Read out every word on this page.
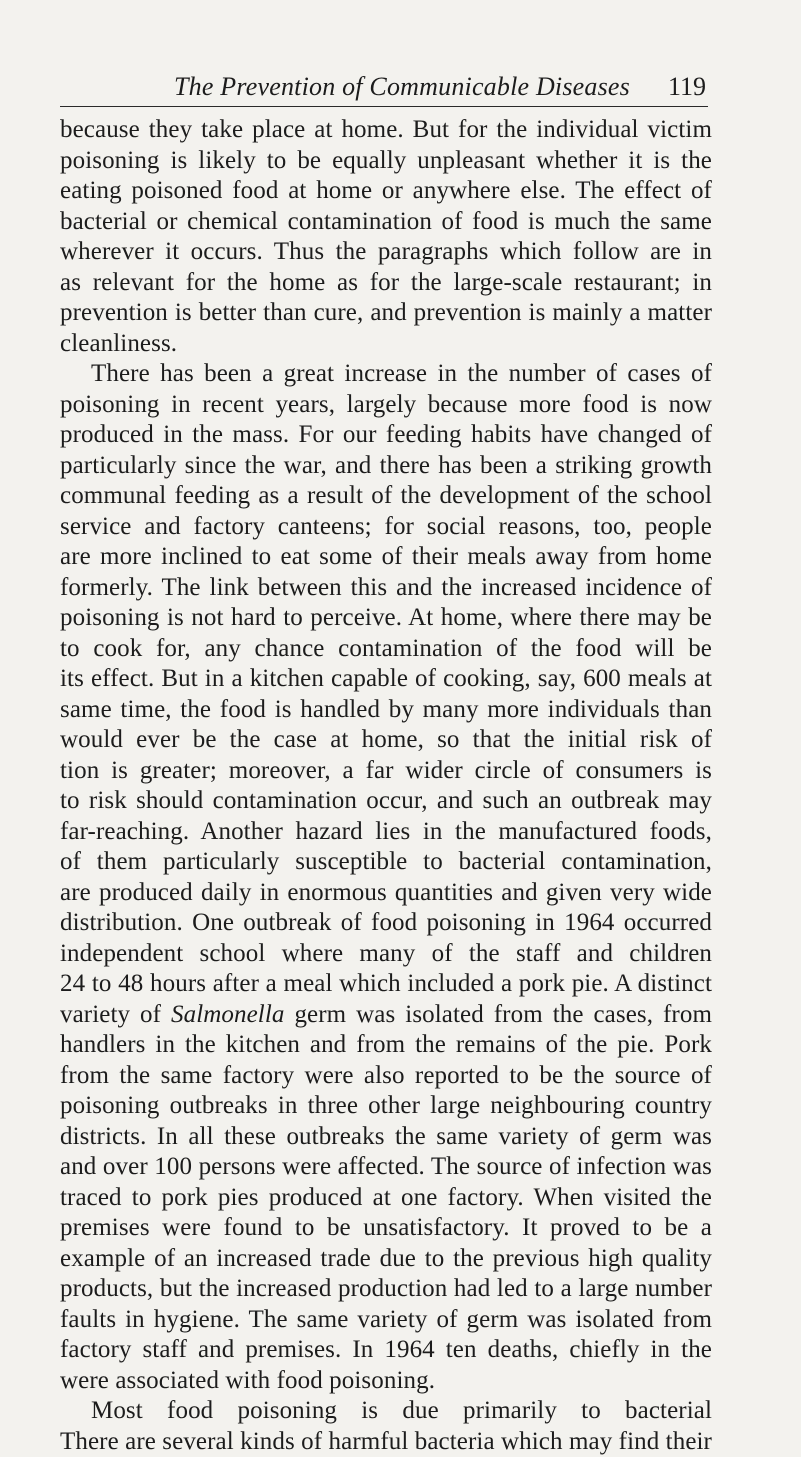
The Prevention of Communicable Diseases 119
because they take place at home. But for the individual victim
poisoning is likely to be equally unpleasant whether it is the
eating poisoned food at home or anywhere else. The effect of
bacterial or chemical contamination of food is much the same
wherever it occurs. Thus the paragraphs which follow are in
as relevant for the home as for the large-scale restaurant; in
prevention is better than cure, and prevention is mainly a matter
cleanliness.
There has been a great increase in the number of cases of
poisoning in recent years, largely because more food is now
produced in the mass. For our feeding habits have changed of
particularly since the war, and there has been a striking growth
communal feeding as a result of the development of the school
service and factory canteens; for social reasons, too, people
are more inclined to eat some of their meals away from home
formerly. The link between this and the increased incidence of
poisoning is not hard to perceive. At home, where there may be
to cook for, any chance contamination of the food will be
its effect. But in a kitchen capable of cooking, say, 600 meals at
same time, the food is handled by many more individuals than
would ever be the case at home, so that the initial risk of
tion is greater; moreover, a far wider circle of consumers is
to risk should contamination occur, and such an outbreak may
far-reaching. Another hazard lies in the manufactured foods,
of them particularly susceptible to bacterial contamination,
are produced daily in enormous quantities and given very wide
distribution. One outbreak of food poisoning in 1964 occurred
independent school where many of the staff and children
24 to 48 hours after a meal which included a pork pie. A distinct
variety of Salmonella germ was isolated from the cases, from
handlers in the kitchen and from the remains of the pie. Pork
from the same factory were also reported to be the source of
poisoning outbreaks in three other large neighbouring country
districts. In all these outbreaks the same variety of germ was
and over 100 persons were affected. The source of infection was
traced to pork pies produced at one factory. When visited the
premises were found to be unsatisfactory. It proved to be a
example of an increased trade due to the previous high quality
products, but the increased production had led to a large number
faults in hygiene. The same variety of germ was isolated from
factory staff and premises. In 1964 ten deaths, chiefly in the
were associated with food poisoning.
Most food poisoning is due primarily to bacterial
There are several kinds of harmful bacteria which may find their
